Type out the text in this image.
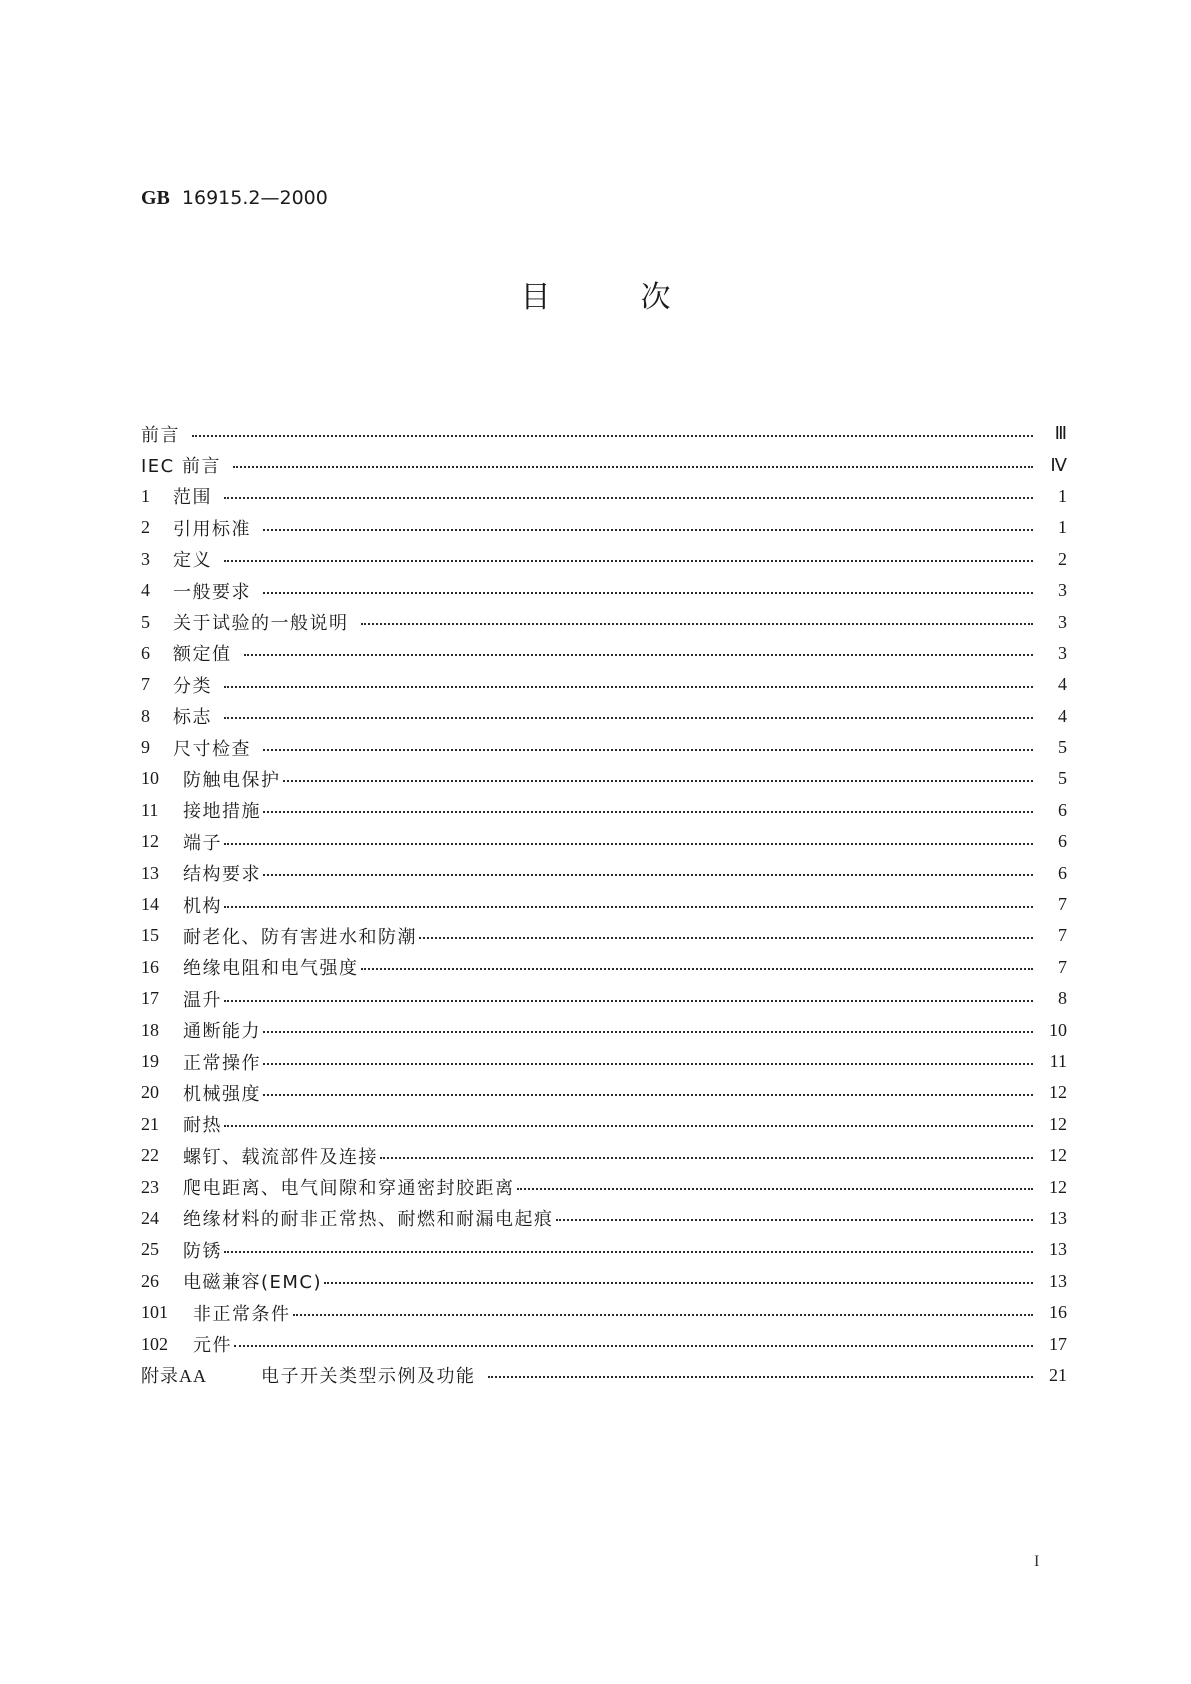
GB 16915.2—2000
目	次
前言	Ⅲ
IEC 前言	Ⅳ
1	范围	1
2	引用标准	1
3	定义	2
4	一般要求	3
5	关于试验的一般说明	3
6	额定值	3
7	分类	4
8	标志	4
9	尺寸检查	5
10	防触电保护	5
11	接地措施	6
12	端子	6
13	结构要求	6
14	机构	7
15	耐老化、防有害进水和防潮	7
16	绝缘电阻和电气强度	7
17	温升	8
18	通断能力	10
19	正常操作	11
20	机械强度	12
21	耐热	12
22	螺钉、载流部件及连接	12
23	爬电距离、电气间隙和穿通密封胶距离	12
24	绝缘材料的耐非正常热、耐燃和耐漏电起痕	13
25	防锈	13
26	电磁兼容(EMC)	13
101	非正常条件	16
102	元件	17
附录AA	电子开关类型示例及功能	21
I
